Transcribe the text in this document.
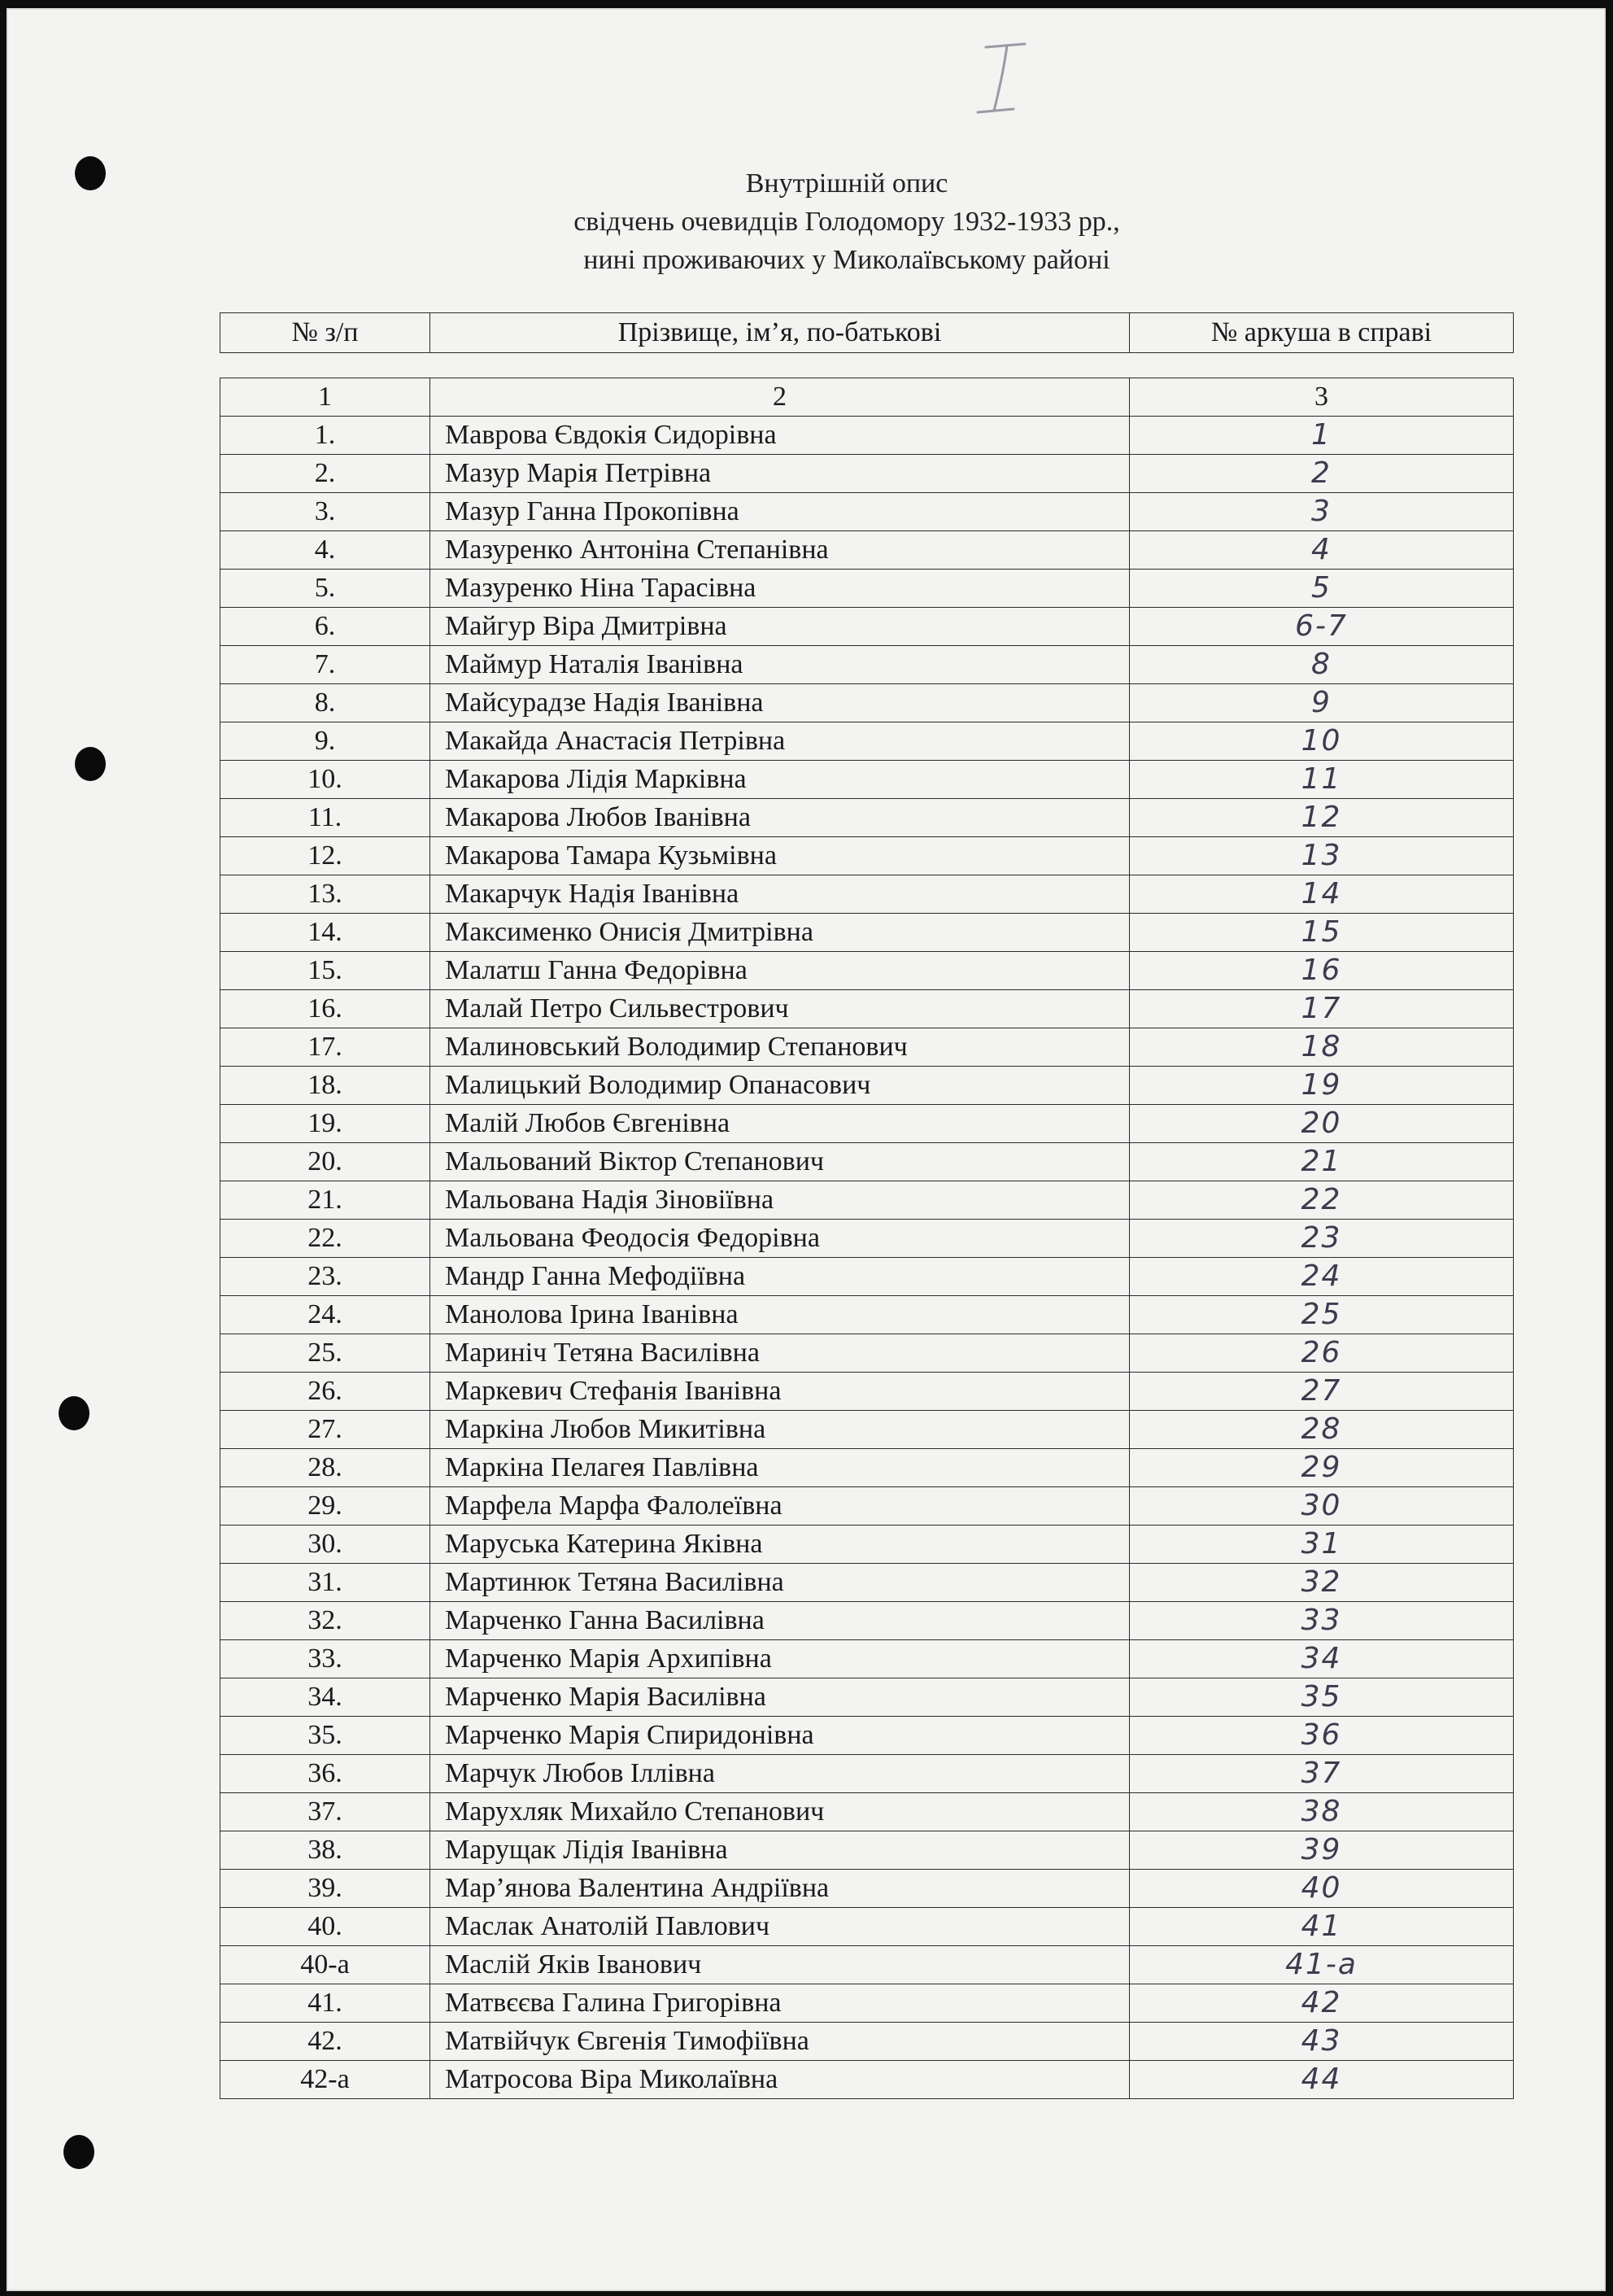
Внутрішній опис
свідчень очевидців Голодомору 1932-1933 рр.,
нині проживаючих у Миколаївському районі
№ з/п	Прізвище, ім’я, по-батькові	№ аркуша в справі
1	2	3
1.	Маврова Євдокія Сидорівна	1
2.	Мазур Марія Петрівна	2
3.	Мазур Ганна Прокопівна	3
4.	Мазуренко Антоніна Степанівна	4
5.	Мазуренко Ніна Тарасівна	5
6.	Майгур Віра Дмитрівна	6-7
7.	Маймур Наталія Іванівна	8
8.	Майсурадзе Надія Іванівна	9
9.	Макайда Анастасія Петрівна	10
10.	Макарова Лідія Марківна	11
11.	Макарова Любов Іванівна	12
12.	Макарова Тамара Кузьмівна	13
13.	Макарчук Надія Іванівна	14
14.	Максименко Онисія Дмитрівна	15
15.	Малатш Ганна Федорівна	16
16.	Малай Петро Сильвестрович	17
17.	Малиновський Володимир Степанович	18
18.	Малицький Володимир Опанасович	19
19.	Малій Любов Євгенівна	20
20.	Мальований Віктор Степанович	21
21.	Мальована Надія Зіновіївна	22
22.	Мальована Феодосія Федорівна	23
23.	Мандр Ганна Мефодіївна	24
24.	Манолова Ірина Іванівна	25
25.	Мариніч Тетяна Василівна	26
26.	Маркевич Стефанія Іванівна	27
27.	Маркіна Любов Микитівна	28
28.	Маркіна Пелагея Павлівна	29
29.	Марфела Марфа Фалолеївна	30
30.	Маруська Катерина Яківна	31
31.	Мартинюк Тетяна Василівна	32
32.	Марченко Ганна Василівна	33
33.	Марченко Марія Архипівна	34
34.	Марченко Марія Василівна	35
35.	Марченко Марія Спиридонівна	36
36.	Марчук Любов Іллівна	37
37.	Марухляк Михайло Степанович	38
38.	Марущак Лідія Іванівна	39
39.	Мар’янова Валентина Андріївна	40
40.	Маслак Анатолій Павлович	41
40-а	Маслій Яків Іванович	41-а
41.	Матвєєва Галина Григорівна	42
42.	Матвійчук Євгенія Тимофіївна	43
42-а	Матросова Віра Миколаївна	44
